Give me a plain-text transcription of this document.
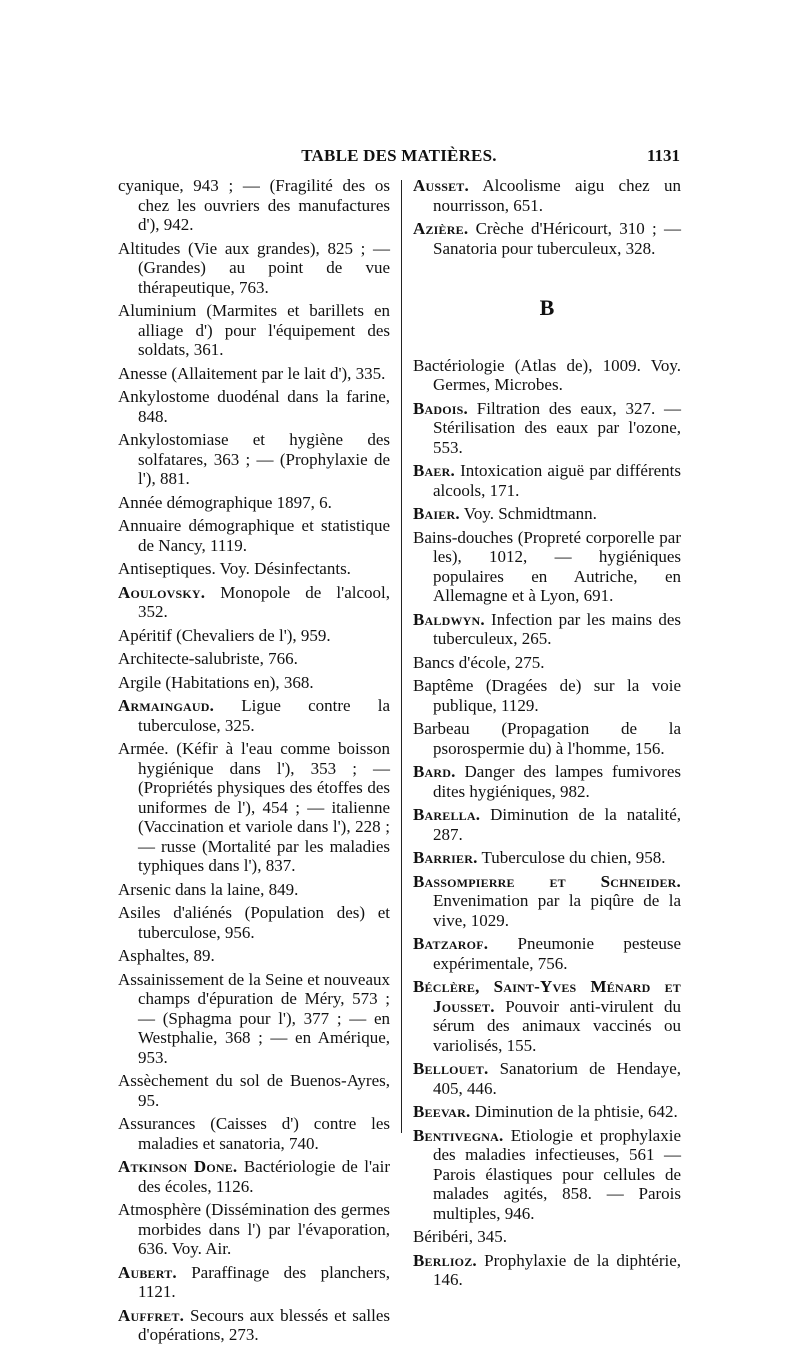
TABLE DES MATIÈRES.	1131

cyanique, 943 ; — (Fragilité des os chez les ouvriers des manufactures d'), 942.

Altitudes (Vie aux grandes), 825 ; — (Grandes) au point de vue thérapeutique, 763.

Aluminium (Marmites et barillets en alliage d') pour l'équipement des soldats, 361.

Anesse (Allaitement par le lait d'), 335.

Ankylostome duodénal dans la farine, 848.

Ankylostomiase et hygiène des solfatares, 363 ; — (Prophylaxie de l'), 881.

Année démographique 1897, 6.

Annuaire démographique et statistique de Nancy, 1119.

Antiseptiques. Voy. Désinfectants.

Aoulovsky. Monopole de l'alcool, 352.

Apéritif (Chevaliers de l'), 959.

Architecte-salubriste, 766.

Argile (Habitations en), 368.

Armaingaud. Ligue contre la tuberculose, 325.

Armée. (Kéfir à l'eau comme boisson hygiénique dans l'), 353 ; — (Propriétés physiques des étoffes des uniformes de l'), 454 ; — italienne (Vaccination et variole dans l'), 228 ; — russe (Mortalité par les maladies typhiques dans l'), 837.

Arsenic dans la laine, 849.

Asiles d'aliénés (Population des) et tuberculose, 956.

Asphaltes, 89.

Assainissement de la Seine et nouveaux champs d'épuration de Méry, 573 ; — (Sphagma pour l'), 377 ; — en Westphalie, 368 ; — en Amérique, 953.

Assèchement du sol de Buenos-Ayres, 95.

Assurances (Caisses d') contre les maladies et sanatoria, 740.

Atkinson Done. Bactériologie de l'air des écoles, 1126.

Atmosphère (Dissémination des germes morbides dans l') par l'évaporation, 636. Voy. Air.

Aubert. Paraffinage des planchers, 1121.

Auffret. Secours aux blessés et salles d'opérations, 273.

Ausset. Alcoolisme aigu chez un nourrisson, 651.

Azière. Crèche d'Héricourt, 310 ; — Sanatoria pour tuberculeux, 328.

B

Bactériologie (Atlas de), 1009. Voy. Germes, Microbes.

Badois. Filtration des eaux, 327. — Stérilisation des eaux par l'ozone, 553.

Baer. Intoxication aiguë par différents alcools, 171.

Baier. Voy. Schmidtmann.

Bains-douches (Propreté corporelle par les), 1012, — hygiéniques populaires en Autriche, en Allemagne et à Lyon, 691.

Baldwyn. Infection par les mains des tuberculeux, 265.

Bancs d'école, 275.

Baptême (Dragées de) sur la voie publique, 1129.

Barbeau (Propagation de la psorospermie du) à l'homme, 156.

Bard. Danger des lampes fumivores dites hygiéniques, 982.

Barella. Diminution de la natalité, 287.

Barrier. Tuberculose du chien, 958.

Bassompierre et Schneider. Envenimation par la piqûre de la vive, 1029.

Batzarof. Pneumonie pesteuse expérimentale, 756.

Béclère, Saint-Yves Ménard et Jousset. Pouvoir anti-virulent du sérum des animaux vaccinés ou variolisés, 155.

Bellouet. Sanatorium de Hendaye, 405, 446.

Beevar. Diminution de la phtisie, 642.

Bentivegna. Etiologie et prophylaxie des maladies infectieuses, 561 — Parois élastiques pour cellules de malades agités, 858. — Parois multiples, 946.

Béribéri, 345.

Berlioz. Prophylaxie de la diphtérie, 146.
